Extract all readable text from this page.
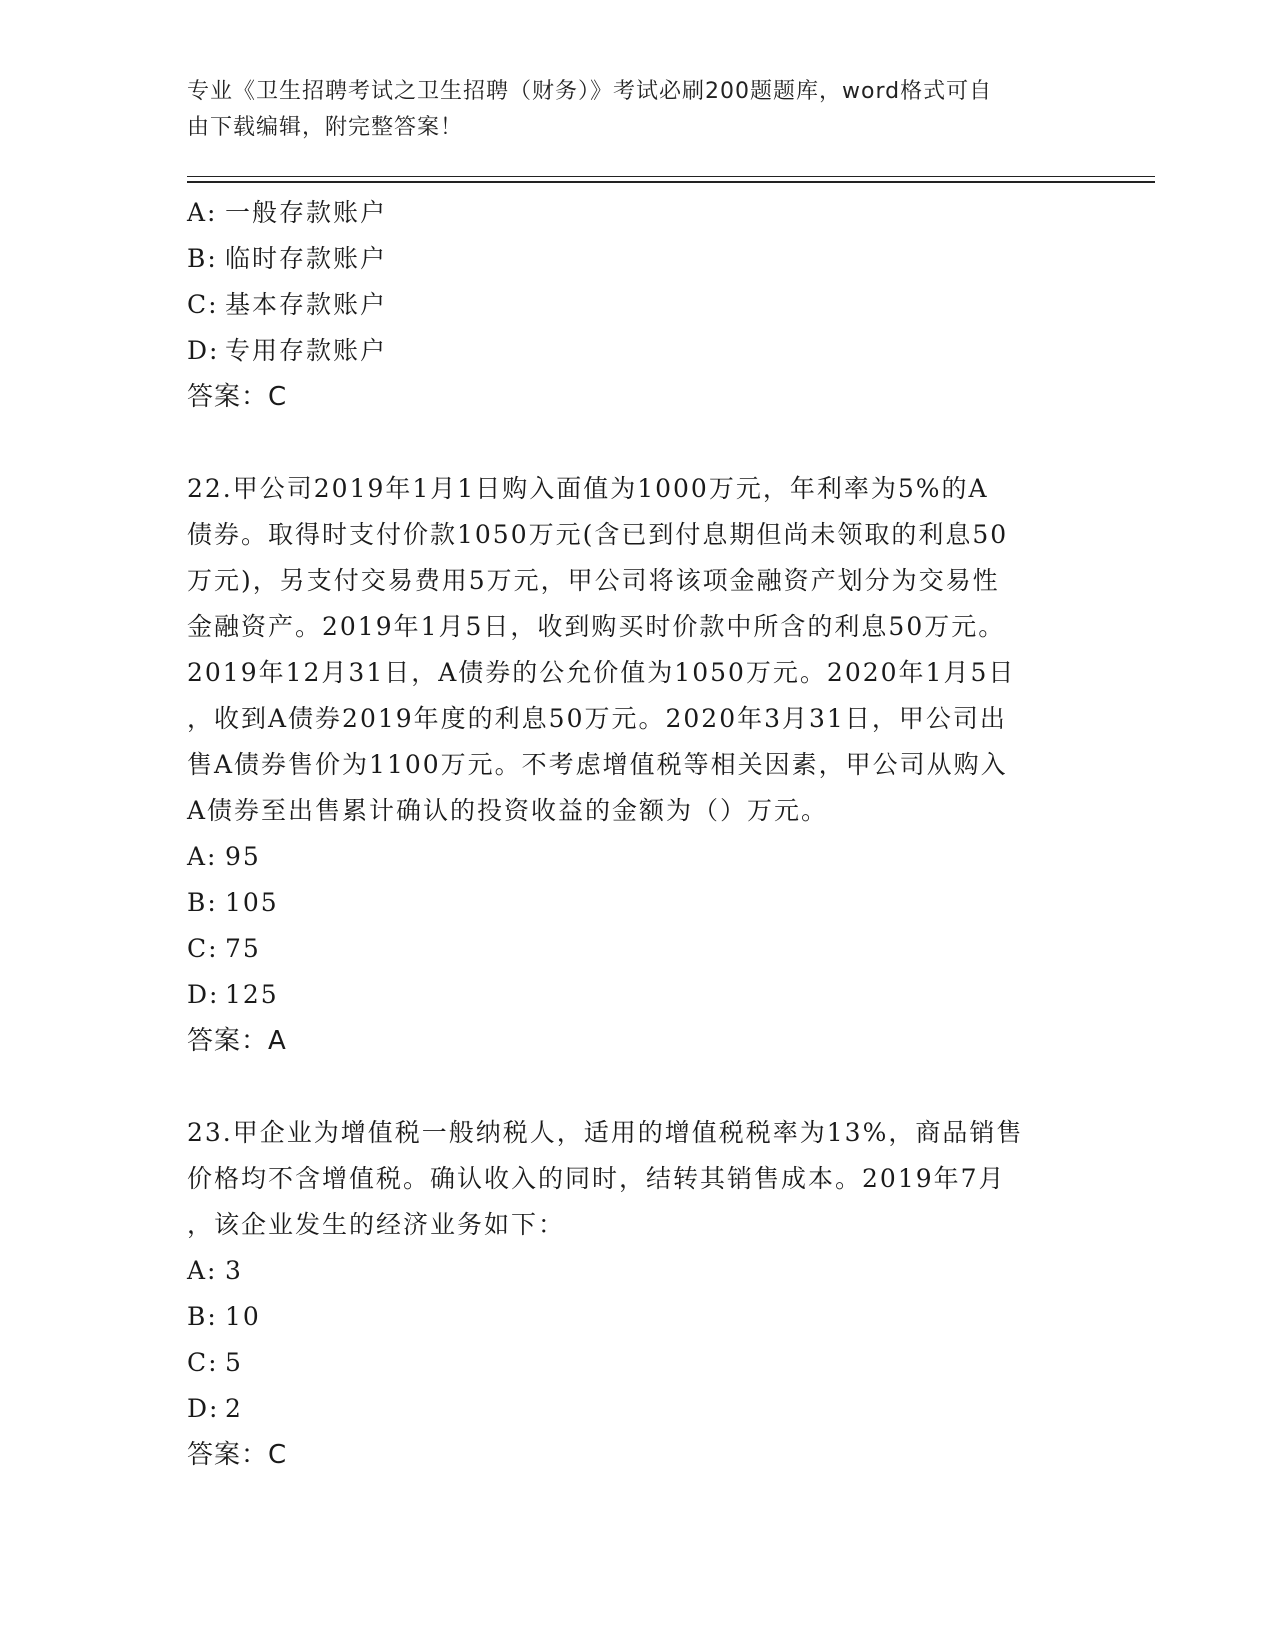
专业《卫生招聘考试之卫生招聘（财务）》考试必刷200题题库，word格式可自
由下载编辑，附完整答案！
A: 一般存款账户
B: 临时存款账户
C: 基本存款账户
D: 专用存款账户
答案：C
22.甲公司2019年1月1日购入面值为1000万元，年利率为5%的A
债券。取得时支付价款1050万元(含已到付息期但尚未领取的利息50
万元)，另支付交易费用5万元，甲公司将该项金融资产划分为交易性
金融资产。2019年1月5日，收到购买时价款中所含的利息50万元。
2019年12月31日，A债券的公允价值为1050万元。2020年1月5日
，收到A债券2019年度的利息50万元。2020年3月31日，甲公司出
售A债券售价为1100万元。不考虑增值税等相关因素，甲公司从购入
A债券至出售累计确认的投资收益的金额为（）万元。
A: 95
B: 105
C: 75
D: 125
答案：A
23.甲企业为增值税一般纳税人，适用的增值税税率为13%，商品销售
价格均不含增值税。确认收入的同时，结转其销售成本。2019年7月
，该企业发生的经济业务如下：
A: 3
B: 10
C: 5
D: 2
答案：C
